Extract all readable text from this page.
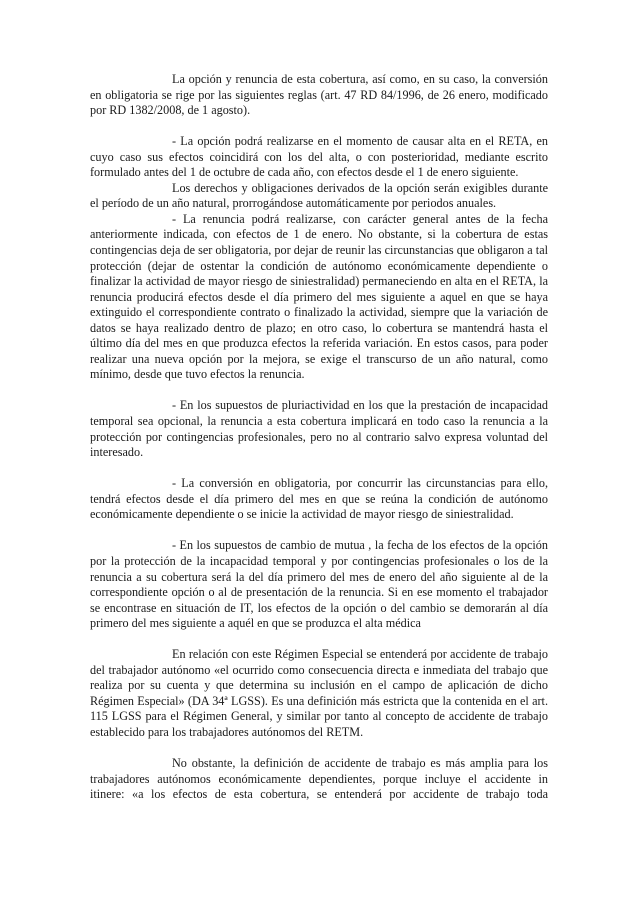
La opción y renuncia de esta cobertura, así como, en su caso, la conversión en obligatoria se rige por las siguientes reglas (art. 47 RD 84/1996, de 26 enero, modificado por RD 1382/2008, de 1 agosto).

- La opción podrá realizarse en el momento de causar alta en el RETA, en cuyo caso sus efectos coincidirá con los del alta, o con posterioridad, mediante escrito formulado antes del 1 de octubre de cada año, con efectos desde el 1 de enero siguiente.

Los derechos y obligaciones derivados de la opción serán exigibles durante el período de un año natural, prorrogándose automáticamente por periodos anuales.

- La renuncia podrá realizarse, con carácter general antes de la fecha anteriormente indicada, con efectos de 1 de enero. No obstante, si la cobertura de estas contingencias deja de ser obligatoria, por dejar de reunir las circunstancias que obligaron a tal protección (dejar de ostentar la condición de autónomo económicamente dependiente o finalizar la actividad de mayor riesgo de siniestralidad) permaneciendo en alta en el RETA, la renuncia producirá efectos desde el día primero del mes siguiente a aquel en que se haya extinguido el correspondiente contrato o finalizado la actividad, siempre que la variación de datos se haya realizado dentro de plazo; en otro caso, lo cobertura se mantendrá hasta el último día del mes en que produzca efectos la referida variación. En estos casos, para poder realizar una nueva opción por la mejora, se exige el transcurso de un año natural, como mínimo, desde que tuvo efectos la renuncia.

- En los supuestos de pluriactividad en los que la prestación de incapacidad temporal sea opcional, la renuncia a esta cobertura implicará en todo caso la renuncia a la protección por contingencias profesionales, pero no al contrario salvo expresa voluntad del interesado.

- La conversión en obligatoria, por concurrir las circunstancias para ello, tendrá efectos desde el día primero del mes en que se reúna la condición de autónomo económicamente dependiente o se inicie la actividad de mayor riesgo de siniestralidad.

- En los supuestos de cambio de mutua , la fecha de los efectos de la opción por la protección de la incapacidad temporal y por contingencias profesionales o los de la renuncia a su cobertura será la del día primero del mes de enero del año siguiente al de la correspondiente opción o al de presentación de la renuncia. Si en ese momento el trabajador se encontrase en situación de IT, los efectos de la opción o del cambio se demorarán al día primero del mes siguiente a aquél en que se produzca el alta médica

En relación con este Régimen Especial se entenderá por accidente de trabajo del trabajador autónomo «el ocurrido como consecuencia directa e inmediata del trabajo que realiza por su cuenta y que determina su inclusión en el campo de aplicación de dicho Régimen Especial» (DA 34ª LGSS). Es una definición más estricta que la contenida en el art. 115 LGSS para el Régimen General, y similar por tanto al concepto de accidente de trabajo establecido para los trabajadores autónomos del RETM.

No obstante, la definición de accidente de trabajo es más amplia para los trabajadores autónomos económicamente dependientes, porque incluye el accidente in itinere: «a los efectos de esta cobertura, se entenderá por accidente de trabajo toda
